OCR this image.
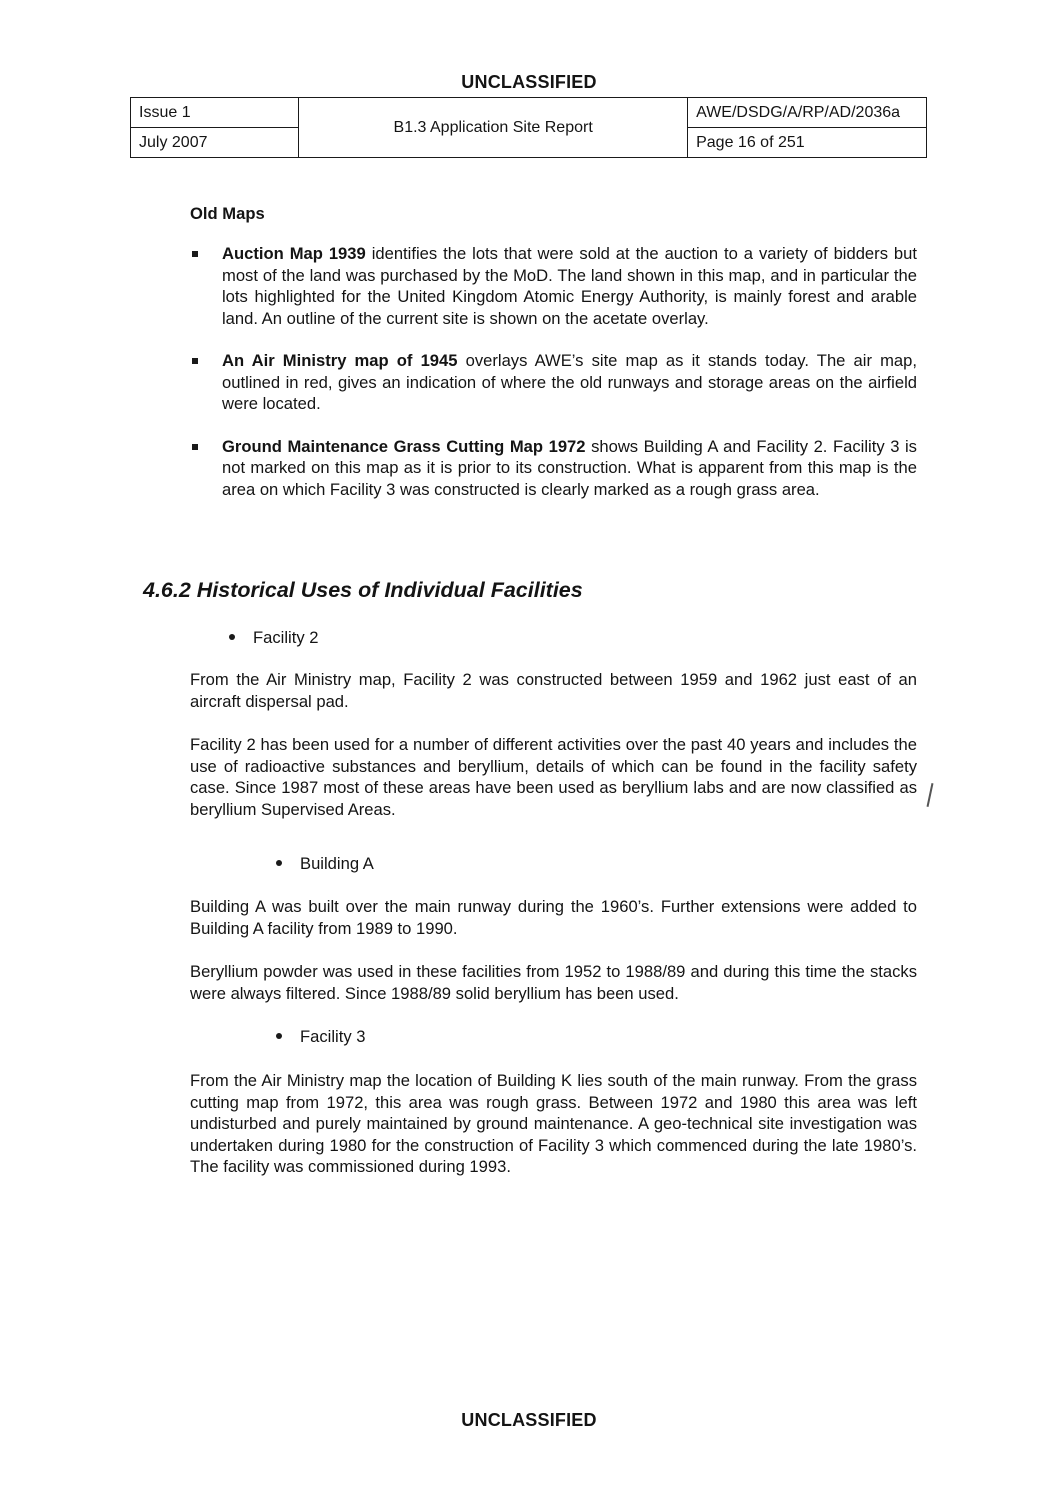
UNCLASSIFIED
Issue 1	B1.3 Application Site Report	AWE/DSDG/A/RP/AD/2036a
July 2007		Page 16 of 251
Old Maps
Auction Map 1939 identifies the lots that were sold at the auction to a variety of bidders but most of the land was purchased by the MoD. The land shown in this map, and in particular the lots highlighted for the United Kingdom Atomic Energy Authority, is mainly forest and arable land. An outline of the current site is shown on the acetate overlay.
An Air Ministry map of 1945 overlays AWE’s site map as it stands today. The air map, outlined in red, gives an indication of where the old runways and storage areas on the airfield were located.
Ground Maintenance Grass Cutting Map 1972 shows Building A and Facility 2. Facility 3 is not marked on this map as it is prior to its construction. What is apparent from this map is the area on which Facility 3 was constructed is clearly marked as a rough grass area.
4.6.2 Historical Uses of Individual Facilities
Facility 2
From the Air Ministry map, Facility 2 was constructed between 1959 and 1962 just east of an aircraft dispersal pad.
Facility 2 has been used for a number of different activities over the past 40 years and includes the use of radioactive substances and beryllium, details of which can be found in the facility safety case. Since 1987 most of these areas have been used as beryllium labs and are now classified as beryllium Supervised Areas.
Building A
Building A was built over the main runway during the 1960’s. Further extensions were added to Building A facility from 1989 to 1990.
Beryllium powder was used in these facilities from 1952 to 1988/89 and during this time the stacks were always filtered. Since 1988/89 solid beryllium has been used.
Facility 3
From the Air Ministry map the location of Building K lies south of the main runway. From the grass cutting map from 1972, this area was rough grass. Between 1972 and 1980 this area was left undisturbed and purely maintained by ground maintenance. A geo-technical site investigation was undertaken during 1980 for the construction of Facility 3 which commenced during the late 1980’s. The facility was commissioned during 1993.
UNCLASSIFIED
